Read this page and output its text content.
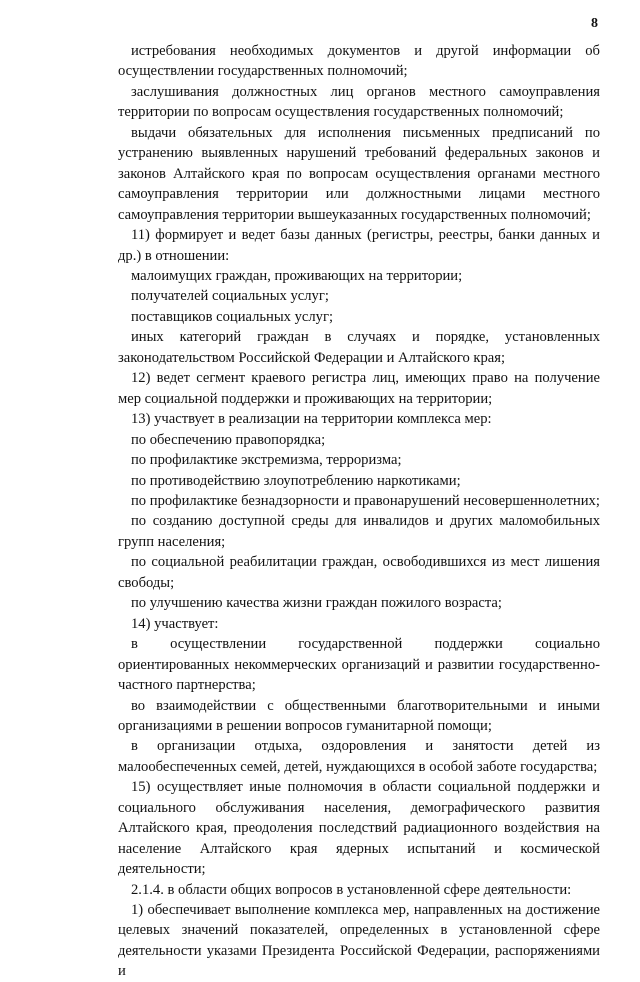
8

истребования необходимых документов и другой информации об осуществлении государственных полномочий;

заслушивания должностных лиц органов местного самоуправления территории по вопросам осуществления государственных полномочий;

выдачи обязательных для исполнения письменных предписаний по устранению выявленных нарушений требований федеральных законов и законов Алтайского края по вопросам осуществления органами местного самоуправления территории или должностными лицами местного самоуправления территории вышеуказанных государственных полномочий;

11) формирует и ведет базы данных (регистры, реестры, банки данных и др.) в отношении:

малоимущих граждан, проживающих на территории;

получателей социальных услуг;

поставщиков социальных услуг;

иных категорий граждан в случаях и порядке, установленных законодательством Российской Федерации и Алтайского края;

12) ведет сегмент краевого регистра лиц, имеющих право на получение мер социальной поддержки и проживающих на территории;

13) участвует в реализации на территории комплекса мер:

по обеспечению правопорядка;

по профилактике экстремизма, терроризма;

по противодействию злоупотреблению наркотиками;

по профилактике безнадзорности и правонарушений несовершеннолетних;

по созданию доступной среды для инвалидов и других маломобильных групп населения;

по социальной реабилитации граждан, освободившихся из мест лишения свободы;

по улучшению качества жизни граждан пожилого возраста;

14) участвует:

в осуществлении государственной поддержки социально ориентированных некоммерческих организаций и развитии государственно-частного партнерства;

во взаимодействии с общественными благотворительными и иными организациями в решении вопросов гуманитарной помощи;

в организации отдыха, оздоровления и занятости детей из малообеспеченных семей, детей, нуждающихся в особой заботе государства;

15) осуществляет иные полномочия в области социальной поддержки и социального обслуживания населения, демографического развития Алтайского края, преодоления последствий радиационного воздействия на население Алтайского края ядерных испытаний и космической деятельности;

2.1.4. в области общих вопросов в установленной сфере деятельности:

1) обеспечивает выполнение комплекса мер, направленных на достижение целевых значений показателей, определенных в установленной сфере деятельности указами Президента Российской Федерации, распоряжениями и
